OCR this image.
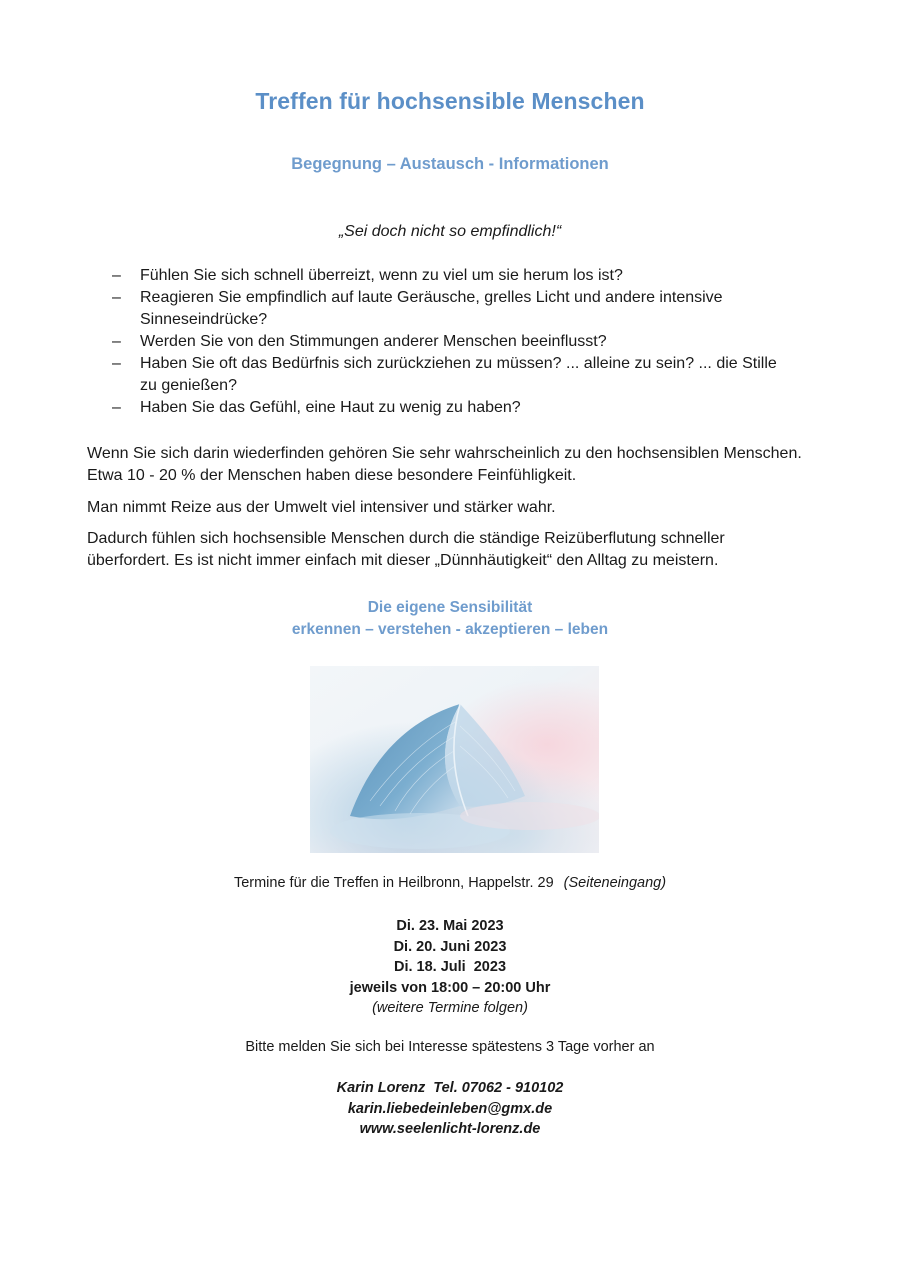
Treffen für hochsensible Menschen
Begegnung – Austausch - Informationen
„Sei doch nicht so empfindlich!“
– Fühlen Sie sich schnell überreizt, wenn zu viel um sie herum los ist?
– Reagieren Sie empfindlich auf laute Geräusche, grelles Licht und andere intensive Sinneseindrücke?
– Werden Sie von den Stimmungen anderer Menschen beeinflusst?
– Haben Sie oft das Bedürfnis sich zurückziehen zu müssen? ... alleine zu sein? ... die Stille zu genießen?
– Haben Sie das Gefühl, eine Haut zu wenig zu haben?

Wenn Sie sich darin wiederfinden gehören Sie sehr wahrscheinlich zu den hochsensiblen Menschen. Etwa 10 - 20 % der Menschen haben diese besondere Feinfühligkeit.

Man nimmt Reize aus der Umwelt viel intensiver und stärker wahr.

Dadurch fühlen sich hochsensible Menschen durch die ständige Reizüberflutung schneller überfordert. Es ist nicht immer einfach mit dieser „Dünnhäutigkeit“ den Alltag zu meistern.

Die eigene Sensibilität
erkennen – verstehen - akzeptieren – leben
Termine für die Treffen in Heilbronn, Happelstr. 29 (Seiteneingang)
Di. 23. Mai 2023
Di. 20. Juni 2023
Di. 18. Juli  2023
jeweils von 18:00 – 20:00 Uhr
(weitere Termine folgen)
Bitte melden Sie sich bei Interesse spätestens 3 Tage vorher an
Karin Lorenz  Tel. 07062 - 910102
karin.liebedeinleben@gmx.de
www.seelenlicht-lorenz.de
